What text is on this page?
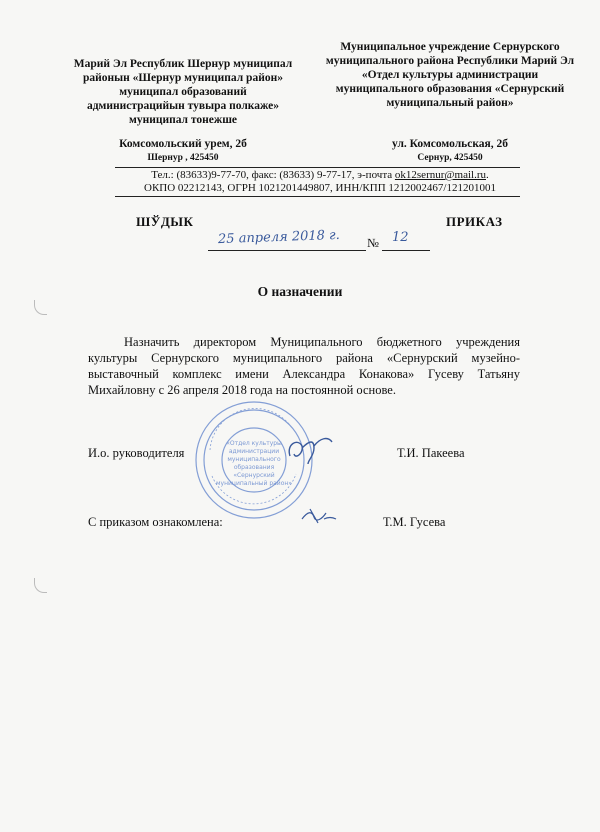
Марий Эл Республик Шернур муниципал
районын «Шернур муниципал район»
муниципал образований
администрацийын тувыра полкаже»
муниципал тонежше
Комсомольский урем, 2б
Шернур , 425450
Муниципальное учреждение Сернурского
муниципального района Республики Марий Эл
«Отдел культуры администрации
муниципального образования «Сернурский
муниципальный район»
ул. Комсомольская, 2б
Сернур, 425450
Тел.: (83633)9-77-70, факс: (83633) 9-77-17, э-почта ok12sernur@mail.ru.
ОКПО 02212143, ОГРН 1021201449807, ИНН/КПП 1212002467/121201001
ШЎДЫК	ПРИКАЗ
25 апреля 2018 г. № 12
О назначении
Назначить директором Муниципального бюджетного учреждения культуры Сернурского муниципального района «Сернурский музейно-выставочный комплекс имени Александра Конакова» Гусеву Татьяну Михайловну с 26 апреля 2018 года на постоянной основе.
«Отдел культуры
администрации
муниципального
образования
«Сернурский
муниципальный район»
И.о. руководителя	Т.И. Пакеева
С приказом ознакомлена:	Т.М. Гусева
